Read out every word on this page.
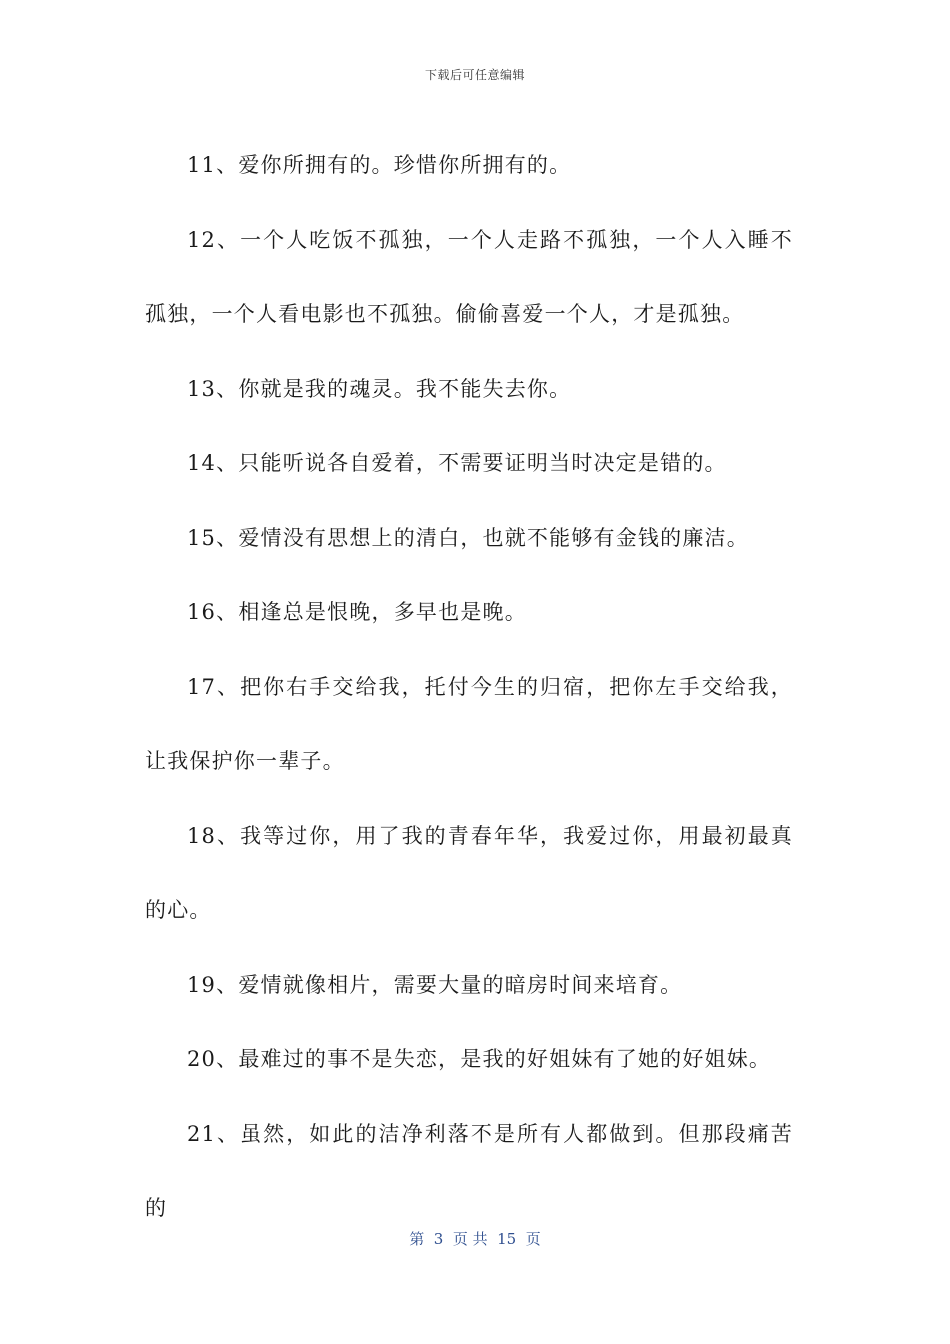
下载后可任意编辑

11、爱你所拥有的。珍惜你所拥有的。

12、一个人吃饭不孤独，一个人走路不孤独，一个人入睡不孤独，一个人看电影也不孤独。偷偷喜爱一个人，才是孤独。

13、你就是我的魂灵。我不能失去你。

14、只能听说各自爱着，不需要证明当时决定是错的。

15、爱情没有思想上的清白，也就不能够有金钱的廉洁。

16、相逢总是恨晚，多早也是晚。

17、把你右手交给我，托付今生的归宿，把你左手交给我，让我保护你一辈子。

18、我等过你，用了我的青春年华，我爱过你，用最初最真的心。

19、爱情就像相片，需要大量的暗房时间来培育。

20、最难过的事不是失恋，是我的好姐妹有了她的好姐妹。

21、虽然，如此的洁净利落不是所有人都做到。但那段痛苦的

第  3  页 共  15  页
